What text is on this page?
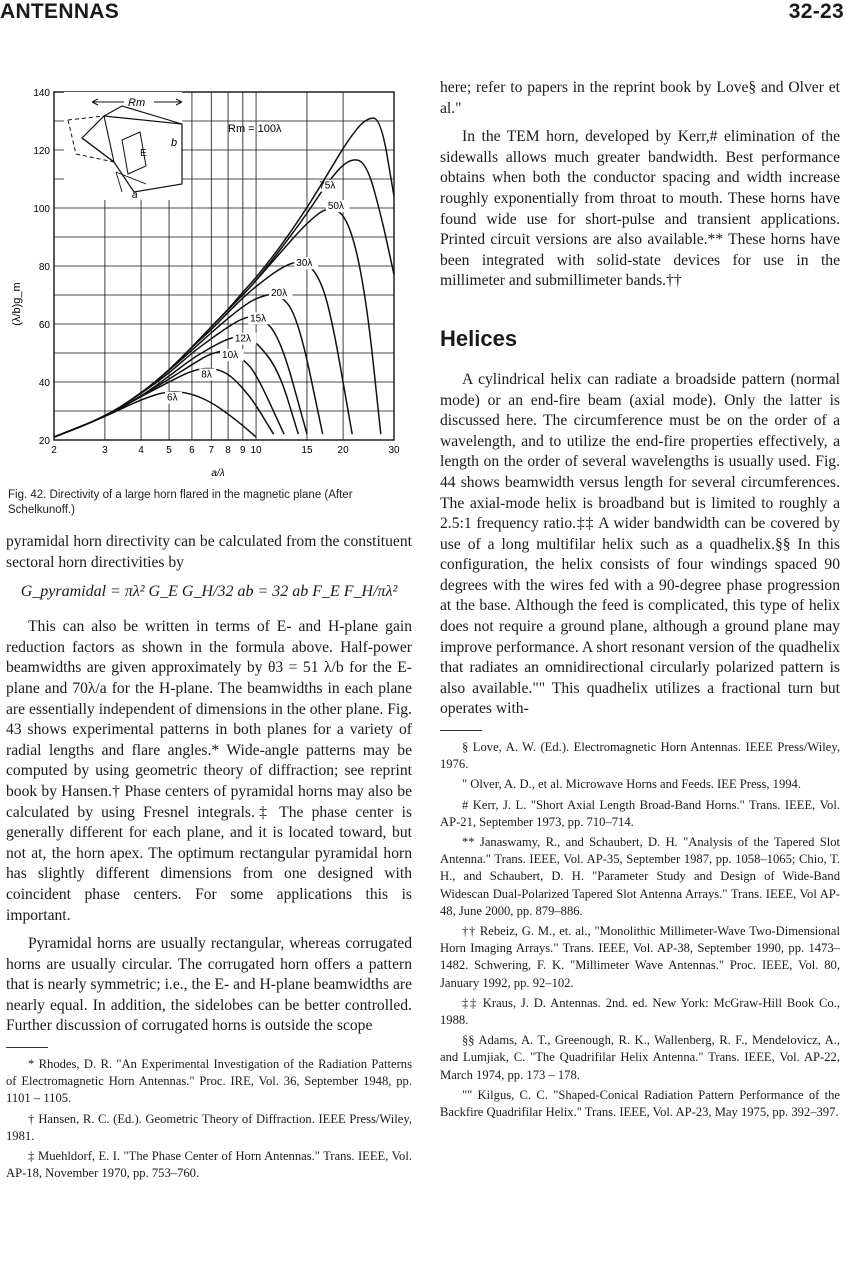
ANTENNAS	32-23
6λ
8λ
10λ
12λ
15λ
20λ
30λ
50λ
75λ
2	3	4 5 6 7 8 9 10	15 20	30
20
40
60
80
100
120
140
Rm
b
E
a
Rm = 100λ
(λ/b)g_m
a/λ
Fig. 42. Directivity of a large horn flared in the magnetic plane (After Schelkunoff.)

pyramidal horn directivity can be calculated from the constituent sectoral horn directivities by

G_pyramidal = πλ² G_E G_H/32 ab = 32 ab F_E F_H/πλ²

This can also be written in terms of E- and H-plane gain reduction factors as shown in the formula above. Half-power beamwidths are given approximately by θ3 = 51 λ/b for the E-plane and 70λ/a for the H-plane. The beamwidths in each plane are essentially independent of dimensions in the other plane. Fig. 43 shows experimental patterns in both planes for a variety of radial lengths and flare angles.* Wide-angle patterns may be computed by using geometric theory of diffraction; see reprint book by Hansen.† Phase centers of pyramidal horns may also be calculated by using Fresnel integrals.‡ The phase center is generally different for each plane, and it is located toward, but not at, the horn apex. The optimum rectangular pyramidal horn has slightly different dimensions from one designed with coincident phase centers. For some applications this is important.

Pyramidal horns are usually rectangular, whereas corrugated horns are usually circular. The corrugated horn offers a pattern that is nearly symmetric; i.e., the E- and H-plane beamwidths are nearly equal. In addition, the sidelobes can be better controlled. Further discussion of corrugated horns is outside the scope

* Rhodes, D. R. "An Experimental Investigation of the Radiation Patterns of Electromagnetic Horn Antennas." Proc. IRE, Vol. 36, September 1948, pp. 1101 – 1105.

† Hansen, R. C. (Ed.). Geometric Theory of Diffraction. IEEE Press/Wiley, 1981.

‡ Muehldorf, E. I. "The Phase Center of Horn Antennas." Trans. IEEE, Vol. AP-18, November 1970, pp. 753–760.

here; refer to papers in the reprint book by Love§ and Olver et al."

In the TEM horn, developed by Kerr,# elimination of the sidewalls allows much greater bandwidth. Best performance obtains when both the conductor spacing and width increase roughly exponentially from throat to mouth. These horns have found wide use for short-pulse and transient applications. Printed circuit versions are also available.** These horns have been integrated with solid-state devices for use in the millimeter and submillimeter bands.††

Helices

A cylindrical helix can radiate a broadside pattern (normal mode) or an end-fire beam (axial mode). Only the latter is discussed here. The circumference must be on the order of a wavelength, and to utilize the end-fire properties effectively, a length on the order of several wavelengths is usually used. Fig. 44 shows beamwidth versus length for several circumferences. The axial-mode helix is broadband but is limited to roughly a 2.5:1 frequency ratio.‡‡ A wider bandwidth can be covered by use of a long multifilar helix such as a quadhelix.§§ In this configuration, the helix consists of four windings spaced 90 degrees with the wires fed with a 90-degree phase progression at the base. Although the feed is complicated, this type of helix does not require a ground plane, although a ground plane may improve performance. A short resonant version of the quadhelix that radiates an omnidirectional circularly polarized pattern is also available."" This quadhelix utilizes a fractional turn but operates with-

§ Love, A. W. (Ed.). Electromagnetic Horn Antennas. IEEE Press/Wiley, 1976.

" Olver, A. D., et al. Microwave Horns and Feeds. IEE Press, 1994.

# Kerr, J. L. "Short Axial Length Broad-Band Horns." Trans. IEEE, Vol. AP-21, September 1973, pp. 710–714.

** Janaswamy, R., and Schaubert, D. H. "Analysis of the Tapered Slot Antenna." Trans. IEEE, Vol. AP-35, September 1987, pp. 1058–1065; Chio, T. H., and Schaubert, D. H. "Parameter Study and Design of Wide-Band Widescan Dual-Polarized Tapered Slot Antenna Arrays." Trans. IEEE, Vol AP-48, June 2000, pp. 879–886.

†† Rebeiz, G. M., et. al., "Monolithic Millimeter-Wave Two-Dimensional Horn Imaging Arrays." Trans. IEEE, Vol. AP-38, September 1990, pp. 1473–1482. Schwering, F. K. "Millimeter Wave Antennas." Proc. IEEE, Vol. 80, January 1992, pp. 92–102.

‡‡ Kraus, J. D. Antennas. 2nd. ed. New York: McGraw-Hill Book Co., 1988.

§§ Adams, A. T., Greenough, R. K., Wallenberg, R. F., Mendelovicz, A., and Lumjiak, C. "The Quadrifilar Helix Antenna." Trans. IEEE, Vol. AP-22, March 1974, pp. 173 – 178.

"" Kilgus, C. C. "Shaped-Conical Radiation Pattern Performance of the Backfire Quadrifilar Helix." Trans. IEEE, Vol. AP-23, May 1975, pp. 392–397.
